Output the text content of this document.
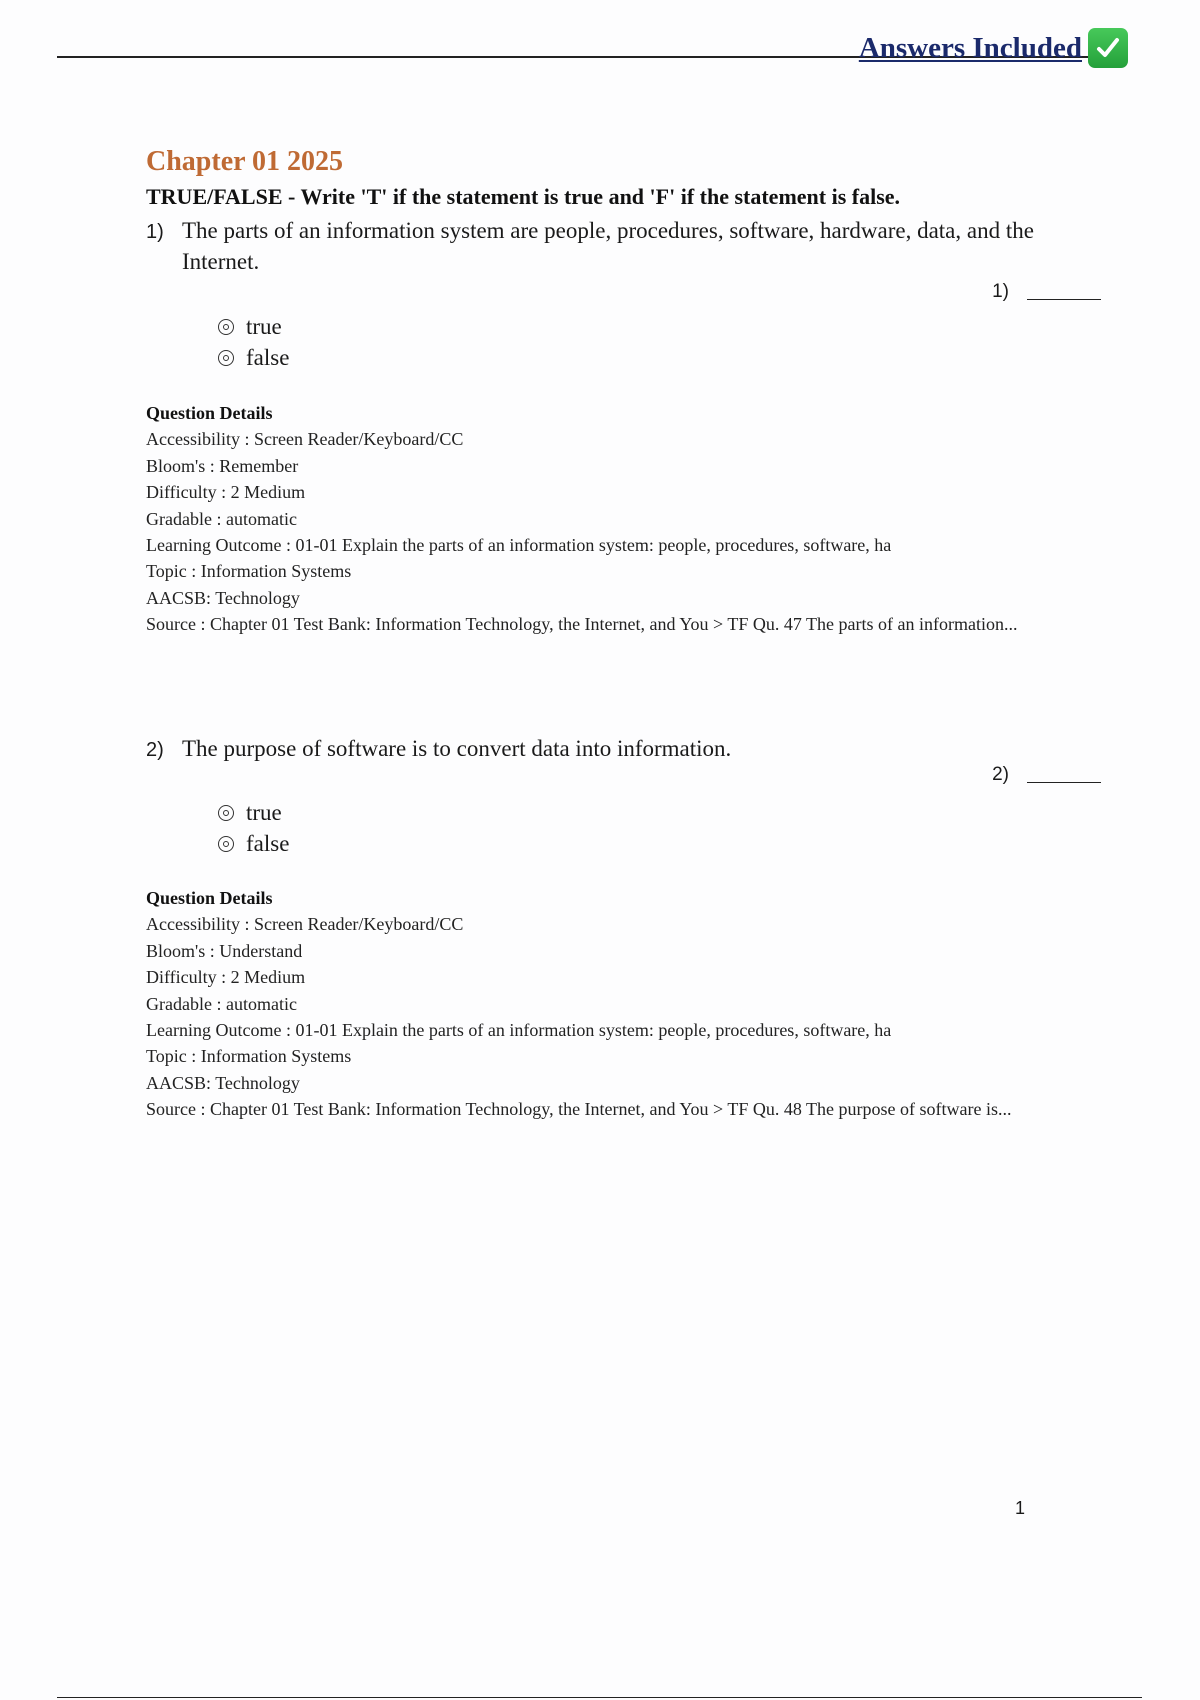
Answers Included
Chapter 01 2025
TRUE/FALSE - Write 'T' if the statement is true and 'F' if the statement is false.
1) The parts of an information system are people, procedures, software, hardware, data, and the Internet.
1)
true
false
Question Details
Accessibility : Screen Reader/Keyboard/CC
Bloom's : Remember
Difficulty : 2 Medium
Gradable : automatic
Learning Outcome : 01-01 Explain the parts of an information system: people, procedures, software, ha
Topic : Information Systems
AACSB: Technology
Source : Chapter 01 Test Bank: Information Technology, the Internet, and You > TF Qu. 47 The parts of an information...
2) The purpose of software is to convert data into information.
2)
true
false
Question Details
Accessibility : Screen Reader/Keyboard/CC
Bloom's : Understand
Difficulty : 2 Medium
Gradable : automatic
Learning Outcome : 01-01 Explain the parts of an information system: people, procedures, software, ha
Topic : Information Systems
AACSB: Technology
Source : Chapter 01 Test Bank: Information Technology, the Internet, and You > TF Qu. 48 The purpose of software is...
1
